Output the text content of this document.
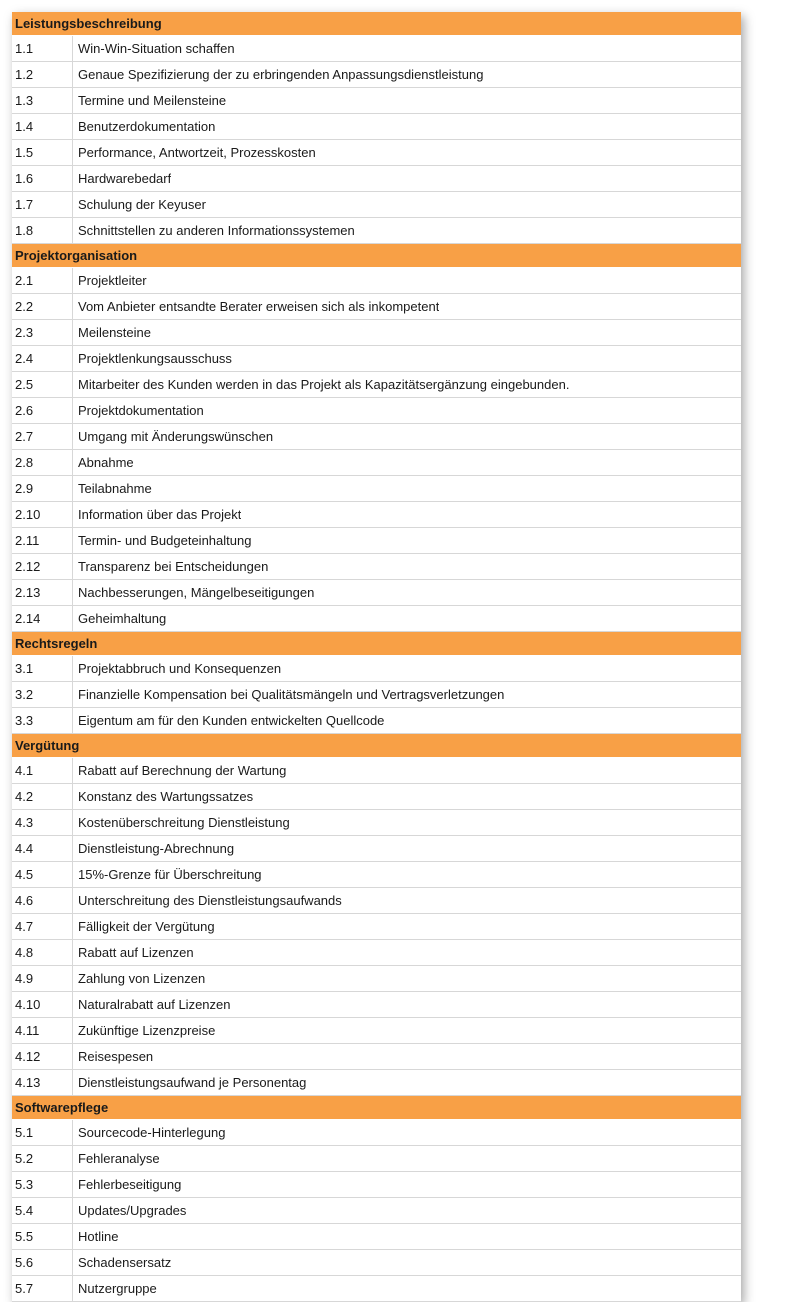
Leistungsbeschreibung
1.1	Win-Win-Situation schaffen
1.2	Genaue Spezifizierung der zu erbringenden Anpassungsdienstleistung
1.3	Termine und Meilensteine
1.4	Benutzerdokumentation
1.5	Performance, Antwortzeit, Prozesskosten
1.6	Hardwarebedarf
1.7	Schulung der Keyuser
1.8	Schnittstellen zu anderen Informationssystemen
Projektorganisation
2.1	Projektleiter
2.2	Vom Anbieter entsandte Berater erweisen sich als inkompetent
2.3	Meilensteine
2.4	Projektlenkungsausschuss
2.5	Mitarbeiter des Kunden werden in das Projekt als Kapazitätsergänzung eingebunden.
2.6	Projektdokumentation
2.7	Umgang mit Änderungswünschen
2.8	Abnahme
2.9	Teilabnahme
2.10	Information über das Projekt
2.11	Termin- und Budgeteinhaltung
2.12	Transparenz bei Entscheidungen
2.13	Nachbesserungen, Mängelbeseitigungen
2.14	Geheimhaltung
Rechtsregeln
3.1	Projektabbruch und Konsequenzen
3.2	Finanzielle Kompensation bei Qualitätsmängeln und Vertragsverletzungen
3.3	Eigentum am für den Kunden entwickelten Quellcode
Vergütung
4.1	Rabatt auf Berechnung der Wartung
4.2	Konstanz des Wartungssatzes
4.3	Kostenüberschreitung Dienstleistung
4.4	Dienstleistung-Abrechnung
4.5	15%-Grenze für Überschreitung
4.6	Unterschreitung des Dienstleistungsaufwands
4.7	Fälligkeit der Vergütung
4.8	Rabatt auf Lizenzen
4.9	Zahlung von Lizenzen
4.10	Naturalrabatt auf Lizenzen
4.11	Zukünftige Lizenzpreise
4.12	Reisespesen
4.13	Dienstleistungsaufwand je Personentag
Softwarepflege
5.1	Sourcecode-Hinterlegung
5.2	Fehleranalyse
5.3	Fehlerbeseitigung
5.4	Updates/Upgrades
5.5	Hotline
5.6	Schadensersatz
5.7	Nutzergruppe
